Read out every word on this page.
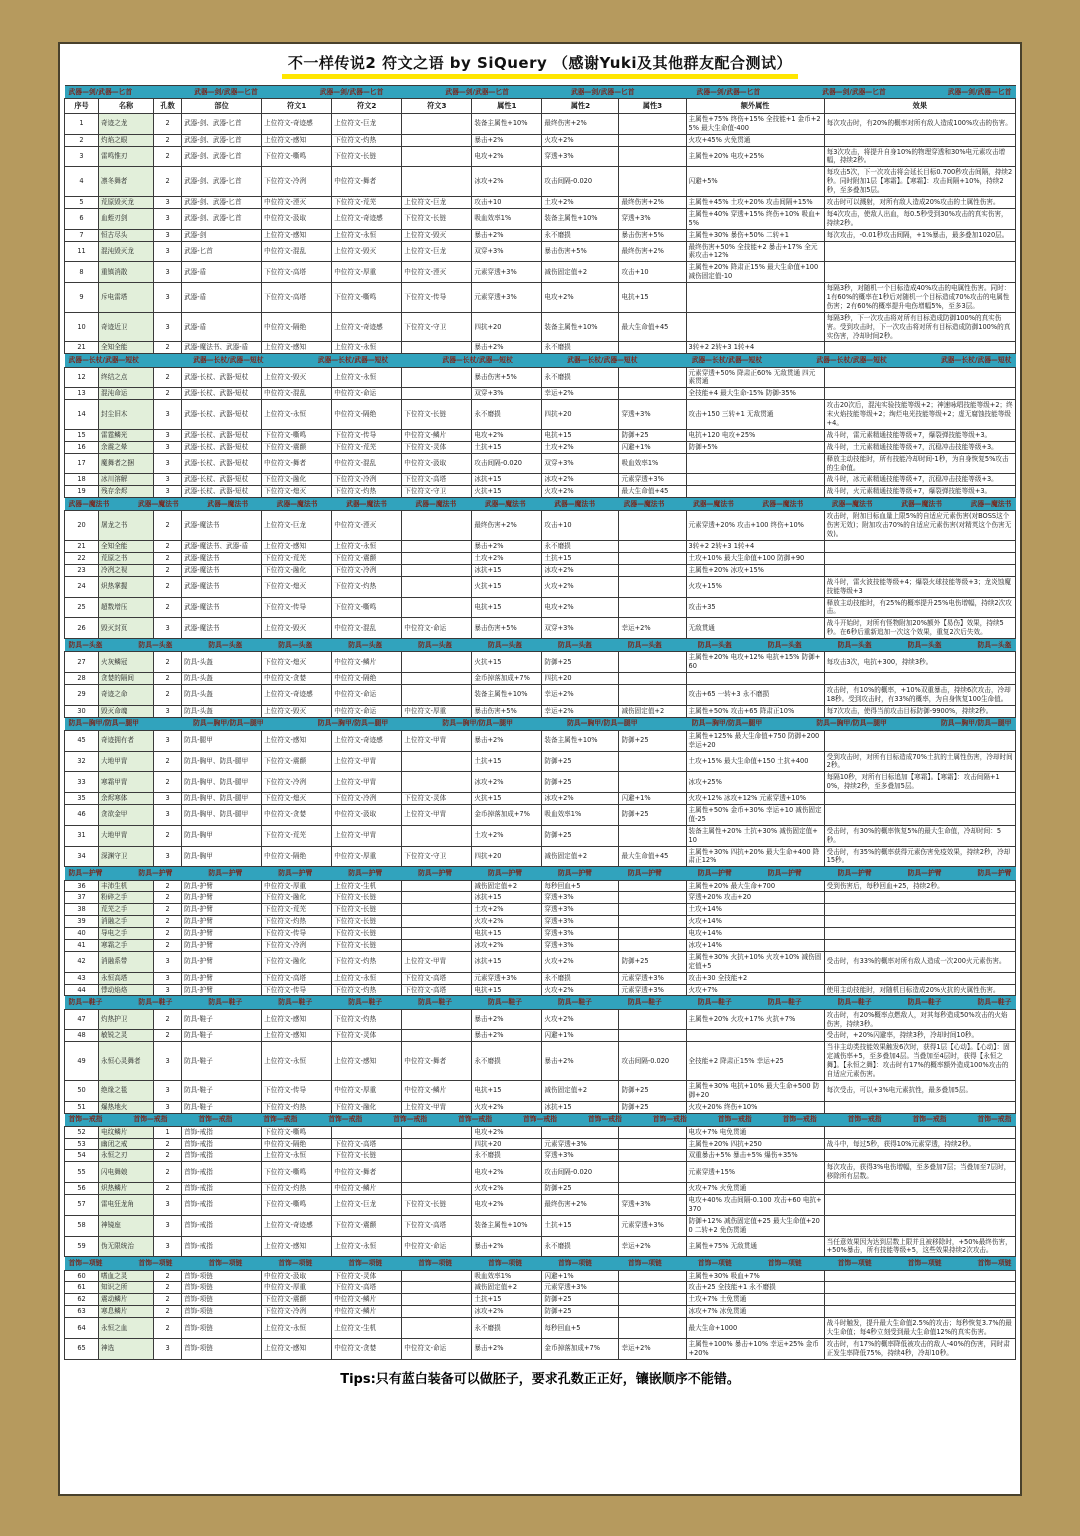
不一样传说2 符文之语 by SiQuery （感谢Yuki及其他群友配合测试）
武器—剑/武器—匕首	武器—剑/武器—匕首	武器—剑/武器—匕首	武器—剑/武器—匕首	武器—剑/武器—匕首	武器—剑/武器—匕首	武器—剑/武器—匕首	武器—剑/武器—匕首

序号	名称	孔数	部位	符文1	符文2	符文3	属性1	属性2	属性3	额外属性	效果
1	奇迹之龙	2	武器-剑、武器-匕首	上位符文-奇迹感	上位符文-巨龙		装备主属性+10%	最终伤害+2%		主属性+75% 终伤+15% 全技能+1 金币+25% 最大生命值-400	每次攻击时，有20%的概率对所有敌人造成100%攻击的伤害。
2	灼焰之眼	2	武器-剑、武器-匕首	上位符文-感知	下位符文-灼热		暴击+2%	火攻+2%		火攻+45% 火免贯通	
3	雷鸣惟刃	2	武器-剑、武器-匕首	下位符文-嘶鸣	下位符文-长链		电攻+2%	穿透+3%		主属性+20% 电攻+25%	每3次攻击，将提升自身10%的物理穿透和30%电元素攻击增幅，持续2秒。
4	凛冬舞者	2	武器-剑、武器-匕首	下位符文-冷冽	中位符文-舞者		冰攻+2%	攻击间隔-0.020		闪避+5%	每攻击5次，下一次攻击将会延长目标0.700秒攻击间隔，持续2秒。同时附加1层【寒霜】。【寒霜】：攻击间隔+10%，持续2秒，至多叠加5层。
5	荒原毁灭龙	3	武器-剑、武器-匕首	中位符文-湮灭	下位符文-荒芜	上位符文-巨龙	攻击+10	土攻+2%	最终伤害+2%	主属性+45% 土攻+20% 攻击间隔+15%	攻击时可以溅射，对所有敌人造成20%攻击的土属性伤害。
6	血蛭刃剑	3	武器-剑、武器-匕首	中位符文-汲取	上位符文-奇迹感	下位符文-长链	吸血效率1%	装备主属性+10%	穿透+3%	主属性+40% 穿透+15% 终伤+10% 吸血+5%	每4次攻击，使敌人出血，每0.5秒受到30%攻击的真实伤害，持续2秒。
7	恒古尽头	3	武器-剑	上位符文-感知	上位符文-永恒	上位符文-毁灭	暴击+2%	永不磨损	暴击伤害+5%	主属性+30% 暴伤+50% 二转+1	每次攻击，-0.01秒攻击间隔，+1%暴击，最多叠加1020层。
11	混沌毁灭龙	3	武器-匕首	中位符文-混乱	上位符文-毁灭	上位符文-巨龙	双穿+3%	暴击伤害+5%	最终伤害+2%	最终伤害+50% 全技能+2 暴击+17% 全元素攻击+12%	
8	重镇消散	3	武器-盾	下位符文-高塔	中位符文-厚重	中位符文-湮灭	元素穿透+3%	减伤固定值+2	攻击+10	主属性+20% 降肃正15% 最大生命值+100 减伤固定值-10	
9	斥电雷塔	3	武器-盾	下位符文-高塔	下位符文-嘶鸣	下位符文-传导	元素穿透+3%	电攻+2%	电抗+15		每隔3秒，对随机一个目标造成40%攻击的电属性伤害。同时：1有60%的概率在1秒后对随机一个目标造成70%攻击的电属性伤害；2有60%的概率提升电伤增幅5%，至多3层。
10	奇迹近卫	3	武器-盾	中位符文-隔绝	上位符文-奇迹感	下位符文-守卫	四抗+20	装备主属性+10%	最大生命值+45		每隔3秒，下一次攻击将对所有目标造成防御100%的真实伤害。受到攻击时，下一次攻击将对所有目标造成防御100%的真实伤害，冷却时间2秒。
21	全知全能	2	武器-魔法书、武器-盾	上位符文-感知	上位符文-永恒		暴击+2%	永不磨损		3转+2 2转+3 1转+4	

武器—长杖/武器—短杖	武器—长杖/武器—短杖	武器—长杖/武器—短杖	武器—长杖/武器—短杖	武器—长杖/武器—短杖	武器—长杖/武器—短杖	武器—长杖/武器—短杖	武器—长杖/武器—短杖

12	终结之点	2	武器-长杖、武器-短杖	上位符文-毁灭	上位符文-永恒		暴击伤害+5%	永不磨损		元素穿透+50% 降肃正60% 无敌贯通 四元素贯通	
13	混沌命运	2	武器-长杖、武器-短杖	中位符文-混乱	中位符文-命运		双穿+3%	幸运+2%		全技能+4 最大生命-15% 防御-35%	
14	封尘旧木	3	武器-长杖、武器-短杖	上位符文-永恒	中位符文-隔绝	下位符文-长链	永不磨损	四抗+20	穿透+3%	攻击+150 三转+1 无敌贯通	攻击20次后，混沌实验技能等级+2；神速咏唱技能等级+2；终末火焰技能等级+2；绚烂电光技能等级+2；虚无腐蚀技能等级+4。
15	雷霆鳞光	3	武器-长杖、武器-短杖	下位符文-嘶鸣	下位符文-传导	中位符文-鳞片	电攻+2%	电抗+15	防御+25	电抗+120 电攻+25%	战斗时，雷元素精通技能等级+7，爆裂弹技能等级+3。
16	余震之晕	3	武器-长杖、武器-短杖	下位符文-震颤	下位符文-荒芜	下位符文-灵体	土抗+15	土攻+2%	闪避+1%	防御+5%	战斗时，土元素精通技能等级+7，沉稳冲击技能等级+3。
17	魔舞者之捆	3	武器-长杖、武器-短杖	中位符文-舞者	中位符文-混乱	中位符文-汲取	攻击间隔-0.020	双穿+3%	吸血效率1%		释放主动技能时，所有技能冷却时间-1秒，为自身恢复5%攻击的生命值。
18	冰川溶解	3	武器-长杖、武器-短杖	下位符文-融化	下位符文-冷冽	下位符文-高塔	冰抗+15	冰攻+2%	元素穿透+3%		战斗时，冰元素精通技能等级+7，沉稳冲击技能等级+3。
19	残存余烬	3	武器-长杖、武器-短杖	下位符文-熄灭	下位符文-灼热	下位符文-守卫	火抗+15	火攻+2%	最大生命值+45		战斗时，火元素精通技能等级+7，爆裂弹技能等级+3。

武器—魔法书	武器—魔法书	武器—魔法书	武器—魔法书	武器—魔法书	武器—魔法书	武器—魔法书	武器—魔法书	武器—魔法书	武器—魔法书	武器—魔法书	武器—魔法书	武器—魔法书	武器—魔法书

20	屠龙之书	2	武器-魔法书	上位符文-巨龙	中位符文-湮灭		最终伤害+2%	攻击+10		元素穿透+20% 攻击+100 终伤+10%	攻击时，附加目标血量上限5%的自适应元素伤害(对BOSS这个伤害无效)；附加攻击70%的自适应元素伤害(对精英这个伤害无效)。
21	全知全能	2	武器-魔法书、武器-盾	上位符文-感知	上位符文-永恒		暴击+2%	永不磨损		3转+2 2转+3 1转+4	
22	荒原之书	2	武器-魔法书	下位符文-荒芜	下位符文-震颤		土攻+2%	土抗+15		土攻+10% 最大生命值+100 防御+90	
23	冷冽之视	2	武器-魔法书	下位符文-融化	下位符文-冷冽		冰抗+15	冰攻+2%		主属性+20% 冰攻+15%	
24	炽热掌握	2	武器-魔法书	下位符文-熄灭	下位符文-灼热		火抗+15	火攻+2%		火攻+15%	战斗时，雷火波技能等级+4；爆裂火球技能等级+3；龙炎蚀魔技能等级+3
25	超数增压	2	武器-魔法书	下位符文-传导	下位符文-嘶鸣		电抗+15	电攻+2%		攻击+35	释放主动技能时，有25%的概率提升25%电伤增幅，持续2次攻击。
26	毁灭封页	3	武器-魔法书	上位符文-毁灭	中位符文-混乱	中位符文-命运	暴击伤害+5%	双穿+3%	幸运+2%	无敌贯通	战斗开始时，对所有怪物附加20%额外【易伤】效果，持续5秒。在6秒后重新追加一次这个效果，重复2次后失效。

防具—头盔	防具—头盔	防具—头盔	防具—头盔	防具—头盔	防具—头盔	防具—头盔	防具—头盔	防具—头盔	防具—头盔	防具—头盔	防具—头盔	防具—头盔	防具—头盔

27	火灰鳞冠	2	防具-头盔	下位符文-熄灭	中位符文-鳞片		火抗+15	防御+25		主属性+20% 电攻+12% 电抗+15% 防御+60	每攻击3次，电抗+300，持续3秒。
28	贪婪的隔间	2	防具-头盔	中位符文-贪婪	中位符文-隔绝		金币掉落加成+7%	四抗+20			
29	奇迹之命	2	防具-头盔	上位符文-奇迹感	中位符文-命运		装备主属性+10%	幸运+2%		攻击+65 一转+3 永不磨损	攻击时，有10%的概率，+10%双重暴击，持续6次攻击，冷却18秒。受到攻击时，有33%的概率，为自身恢复100生命值。
30	毁灭命魂	3	防具-头盔	上位符文-毁灭	中位符文-命运	中位符文-厚重	暴击伤害+5%	幸运+2%	减伤固定值+2	主属性+50% 攻击+65 降肃正10%	每7次攻击，使得当前攻击目标防御-9900%，持续2秒。

防具—胸甲/防具—腿甲	防具—胸甲/防具—腿甲	防具—胸甲/防具—腿甲	防具—胸甲/防具—腿甲	防具—胸甲/防具—腿甲	防具—胸甲/防具—腿甲	防具—胸甲/防具—腿甲	防具—胸甲/防具—腿甲

45	奇迹拥有者	3	防具-腿甲	上位符文-感知	上位符文-奇迹感	上位符文-甲胄	暴击+2%	装备主属性+10%	防御+25	主属性+125% 最大生命值+750 防御+200 幸运+20	
32	大地甲胄	2	防具-胸甲、防具-腿甲	下位符文-震颤	上位符文-甲胄		土抗+15	防御+25		土攻+15% 最大生命值+150 土抗+400	受到攻击时，对所有目标造成70%土抗的土属性伤害，冷却时间2秒。
33	寒霜甲胄	2	防具-胸甲、防具-腿甲	下位符文-冷冽	上位符文-甲胄		冰攻+2%	防御+25		冰攻+25%	每隔10秒，对所有目标追加【寒霜】。【寒霜】：攻击间隔+10%，持续2秒，至多叠加5层。
35	余烬寒体	3	防具-胸甲、防具-腿甲	下位符文-熄灭	下位符文-冷冽	下位符文-灵体	火抗+15	冰攻+2%	闪避+1%	火攻+12% 冰攻+12% 元素穿透+10%	
46	贪欲金甲	3	防具-胸甲、防具-腿甲	中位符文-贪婪	中位符文-汲取	上位符文-甲胄	金币掉落加成+7%	吸血效率1%	防御+25	主属性+50% 金币+30% 幸运+10 减伤固定值-25	
31	大地甲胄	2	防具-胸甲	下位符文-荒芜	上位符文-甲胄		土攻+2%	防御+25		装备主属性+20% 土抗+30% 减伤固定值+10	受击时，有30%的概率恢复5%的最大生命值，冷却时间：5秒。
34	深渊守卫	3	防具-胸甲	中位符文-隔绝	中位符文-厚重	下位符文-守卫	四抗+20	减伤固定值+2	最大生命值+45	主属性+30% 四抗+20% 最大生命+400 降肃正12%	受击时，有35%的概率获得元素伤害免疫效果，持续2秒，冷却15秒。

防具—护臂	防具—护臂	防具—护臂	防具—护臂	防具—护臂	防具—护臂	防具—护臂	防具—护臂	防具—护臂	防具—护臂	防具—护臂	防具—护臂	防具—护臂	防具—护臂

36	丰沛生机	2	防具-护臂	中位符文-厚重	上位符文-生机		减伤固定值+2	每秒回血+5		主属性+20% 最大生命+700	受到伤害后，每秒回血+25，持续2秒。
37	粉碎之手	2	防具-护臂	下位符文-融化	下位符文-长链		冰抗+15	穿透+3%		穿透+20% 攻击+20	
38	荒芜之手	2	防具-护臂	下位符文-荒芜	下位符文-长链		土攻+2%	穿透+3%		土攻+14%	
39	消融之手	2	防具-护臂	下位符文-灼热	下位符文-长链		火攻+2%	穿透+3%		火攻+14%	
40	导电之手	2	防具-护臂	下位符文-传导	下位符文-长链		电抗+15	穿透+3%		电攻+14%	
41	寒霜之手	2	防具-护臂	下位符文-冷冽	下位符文-长链		冰攻+2%	穿透+3%		冰攻+14%	
42	消融系带	3	防具-护臂	下位符文-融化	下位符文-灼热	上位符文-甲胄	冰抗+15	火攻+2%	防御+25	主属性+30% 火抗+10% 火攻+10% 减伤固定值+5	受击时，有33%的概率对所有敌人造成一次200火元素伤害。
43	永恒高塔	3	防具-护臂	下位符文-高塔	上位符文-永恒	下位符文-高塔	元素穿透+3%	永不磨损	元素穿透+3%	攻击+30 全技能+2	
44	悸动焰烙	3	防具-护臂	下位符文-传导	下位符文-灼热	下位符文-高塔	电抗+15	火攻+2%	元素穿透+3%	火攻+7%	使用主动技能时，对随机目标造成20%火抗的火属性伤害。

防具—鞋子	防具—鞋子	防具—鞋子	防具—鞋子	防具—鞋子	防具—鞋子	防具—鞋子	防具—鞋子	防具—鞋子	防具—鞋子	防具—鞋子	防具—鞋子	防具—鞋子	防具—鞋子

47	灼热护卫	2	防具-鞋子	上位符文-感知	下位符文-灼热		暴击+2%	火攻+2%		主属性+20% 火攻+17% 火抗+7%	攻击时，有20%概率点燃敌人，对其每秒造成50%攻击的火焰伤害，持续3秒。
48	敏锐之灵	2	防具-鞋子	上位符文-感知	下位符文-灵体		暴击+2%	闪避+1%			受击时，+20%闪避率，持续3秒，冷却时间10秒。
49	永恒心灵舞者	3	防具-鞋子	上位符文-永恒	上位符文-感知	中位符文-舞者	永不磨损	暴击+2%	攻击间隔-0.020	全技能+2 降肃正15% 幸运+25	当非主动类技能效果触发6次时，获得1层【心动】。【心动】：固定减伤率+5，至多叠加4层。当叠加至4层时，获得【永恒之舞】。【永恒之舞】：攻击时有17%的概率额外造成100%攻击的自适应元素伤害。
50	绝缘之毯	3	防具-鞋子	下位符文-传导	中位符文-厚重	中位符文-鳞片	电抗+15	减伤固定值+2	防御+25	主属性+30% 电抗+10% 最大生命+500 防御+20	每次受击，可以+3%电元素抗性，最多叠加5层。
51	爆热地火	3	防具-鞋子	下位符文-灼热	下位符文-融化	上位符文-甲胄	火攻+2%	冰抗+15	防御+25	火攻+20% 终伤+10%	

首饰—戒指	首饰—戒指	首饰—戒指	首饰—戒指	首饰—戒指	首饰—戒指	首饰—戒指	首饰—戒指	首饰—戒指	首饰—戒指	首饰—戒指	首饰—戒指	首饰—戒指	首饰—戒指	首饰—戒指

52	电纹鳞片	1	首饰-戒指	下位符文-嘶鸣			电攻+2%			电攻+7% 电免贯通	
53	幽闭之戒	2	首饰-戒指	中位符文-隔绝	下位符文-高塔		四抗+20	元素穿透+3%		主属性+20% 四抗+250	战斗中，每过5秒，获得10%元素穿透，持续2秒。
54	永恒之刃	2	首饰-戒指	上位符文-永恒	下位符文-长链		永不磨损	穿透+3%		双重暴击+5% 暴击+5% 爆伤+35%	
55	闪电舞娘	2	首饰-戒指	下位符文-嘶鸣	中位符文-舞者		电攻+2%	攻击间隔-0.020		元素穿透+15%	每次攻击，获得3%电伤增幅，至多叠加7层；当叠加至7层时，移除所有层数。
56	炽热鳞片	2	首饰-戒指	下位符文-灼热	中位符文-鳞片		火攻+2%	防御+25		火攻+7% 火免贯通	
57	雷电狂龙角	3	首饰-戒指	下位符文-嘶鸣	上位符文-巨龙	下位符文-长链	电攻+2%	最终伤害+2%	穿透+3%	电攻+40% 攻击间隔-0.100 攻击+60 电抗+370	
58	神镜座	3	首饰-戒指	上位符文-奇迹感	下位符文-震颤	下位符文-高塔	装备主属性+10%	土抗+15	元素穿透+3%	防御+12% 减伤固定值+25 最大生命值+200 二转+2 免伤贯通	
59	伪无限统治	3	首饰-戒指	上位符文-感知	上位符文-永恒	中位符文-命运	暴击+2%	永不磨损	幸运+2%	主属性+75% 无敌贯通	当任意效果因为达到层数上限并且被移除时，+50%最终伤害，+50%暴击，所有技能等级+5，这些效果持续2次攻击。

首饰—项链	首饰—项链	首饰—项链	首饰—项链	首饰—项链	首饰—项链	首饰—项链	首饰—项链	首饰—项链	首饰—项链	首饰—项链	首饰—项链	首饰—项链	首饰—项链

60	嗜血之灵	2	首饰-项链	中位符文-汲取	下位符文-灵体		吸血效率1%	闪避+1%		主属性+30% 吸血+7%	
61	知识之所	2	首饰-项链	中位符文-厚重	下位符文-高塔		减伤固定值+2	元素穿透+3%		攻击+25 全技能+1 永不磨损	
62	震动鳞片	2	首饰-项链	下位符文-震颤	中位符文-鳞片		土抗+15	防御+25		土攻+7% 土免贯通	
63	寒息鳞片	2	首饰-项链	下位符文-冷冽	中位符文-鳞片		冰攻+2%	防御+25		冰攻+7% 冰免贯通	
64	永恒之血	2	首饰-项链	上位符文-永恒	上位符文-生机		永不磨损	每秒回血+5		最大生命+1000	战斗时触发，提升最大生命值2.5%的攻击；每秒恢复3.7%的最大生命值；每4秒立刻受到最大生命值12%的真实伤害。
65	神选	3	首饰-项链	上位符文-感知	中位符文-贪婪	中位符文-命运	暴击+2%	金币掉落加成+7%	幸运+2%	主属性+100% 暴击+10% 幸运+25% 金币+20%	攻击时，有17%的概率降低被攻击的敌人-40%的伤害，同时肃正发生率降低75%，持续4秒，冷却10秒。
Tips:只有蓝白装备可以做胚子，要求孔数正正好，镶嵌顺序不能错。
